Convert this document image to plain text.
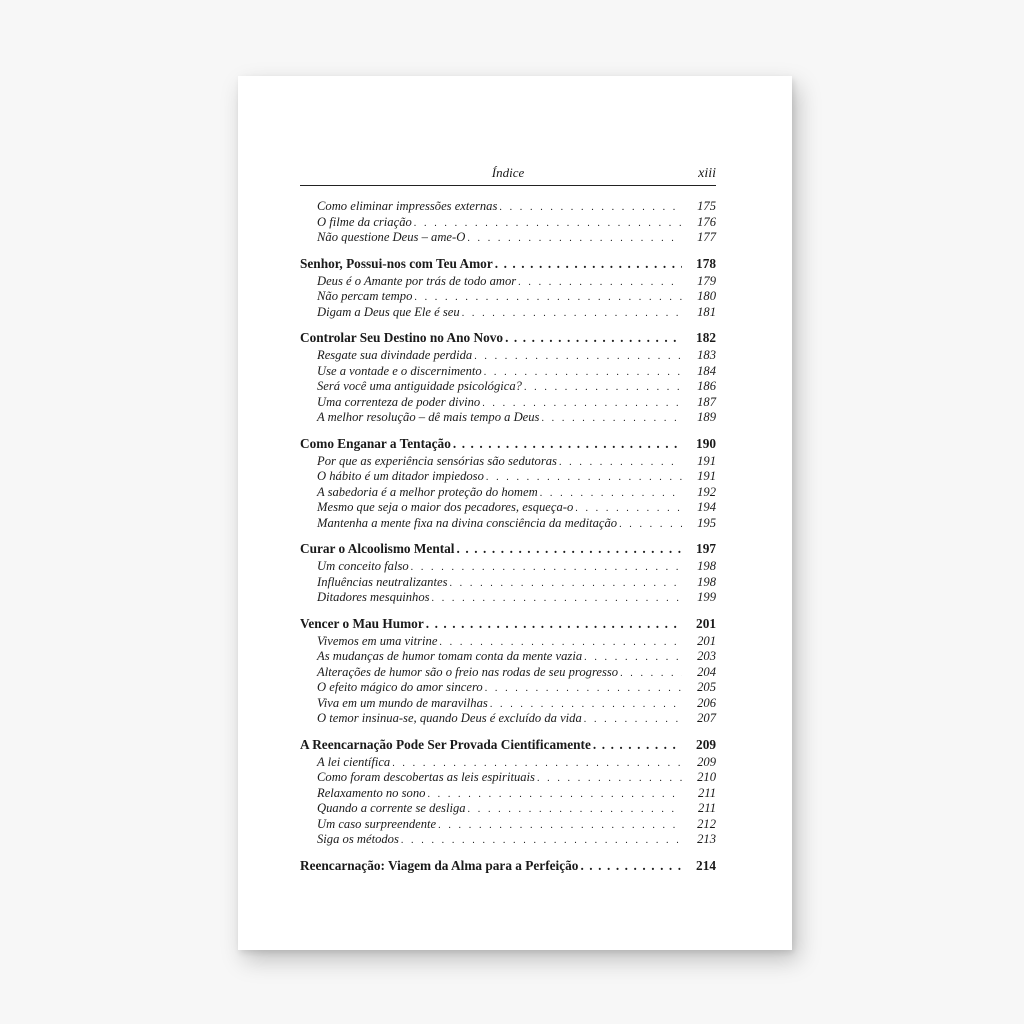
Índice	xiii
Como eliminar impressões externas . . .	175
O filme da criação . . .	176
Não questione Deus – ame-O . . .	177
Senhor, Possui-nos com Teu Amor . . .	178
Deus é o Amante por trás de todo amor . . .	179
Não percam tempo . . .	180
Digam a Deus que Ele é seu . . .	181
Controlar Seu Destino no Ano Novo . . .	182
Resgate sua divindade perdida . . .	183
Use a vontade e o discernimento . . .	184
Será você uma antiguidade psicológica? . . .	186
Uma correnteza de poder divino . . .	187
A melhor resolução – dê mais tempo a Deus . . .	189
Como Enganar a Tentação . . .	190
Por que as experiência sensórias são sedutoras . . .	191
O hábito é um ditador impiedoso . . .	191
A sabedoria é a melhor proteção do homem . . .	192
Mesmo que seja o maior dos pecadores, esqueça-o . . .	194
Mantenha a mente fixa na divina consciência da meditação . . .	195
Curar o Alcoolismo Mental . . .	197
Um conceito falso . . .	198
Influências neutralizantes . . .	198
Ditadores mesquinhos . . .	199
Vencer o Mau Humor . . .	201
Vivemos em uma vitrine . . .	201
As mudanças de humor tomam conta da mente vazia . . .	203
Alterações de humor são o freio nas rodas de seu progresso . . .	204
O efeito mágico do amor sincero . . .	205
Viva em um mundo de maravilhas . . .	206
O temor insinua-se, quando Deus é excluído da vida . . .	207
A Reencarnação Pode Ser Provada Cientificamente . . .	209
A lei científica . . .	209
Como foram descobertas as leis espirituais . . .	210
Relaxamento no sono . . .	211
Quando a corrente se desliga . . .	211
Um caso surpreendente . . .	212
Siga os métodos . . .	213
Reencarnação: Viagem da Alma para a Perfeição . . .	214
